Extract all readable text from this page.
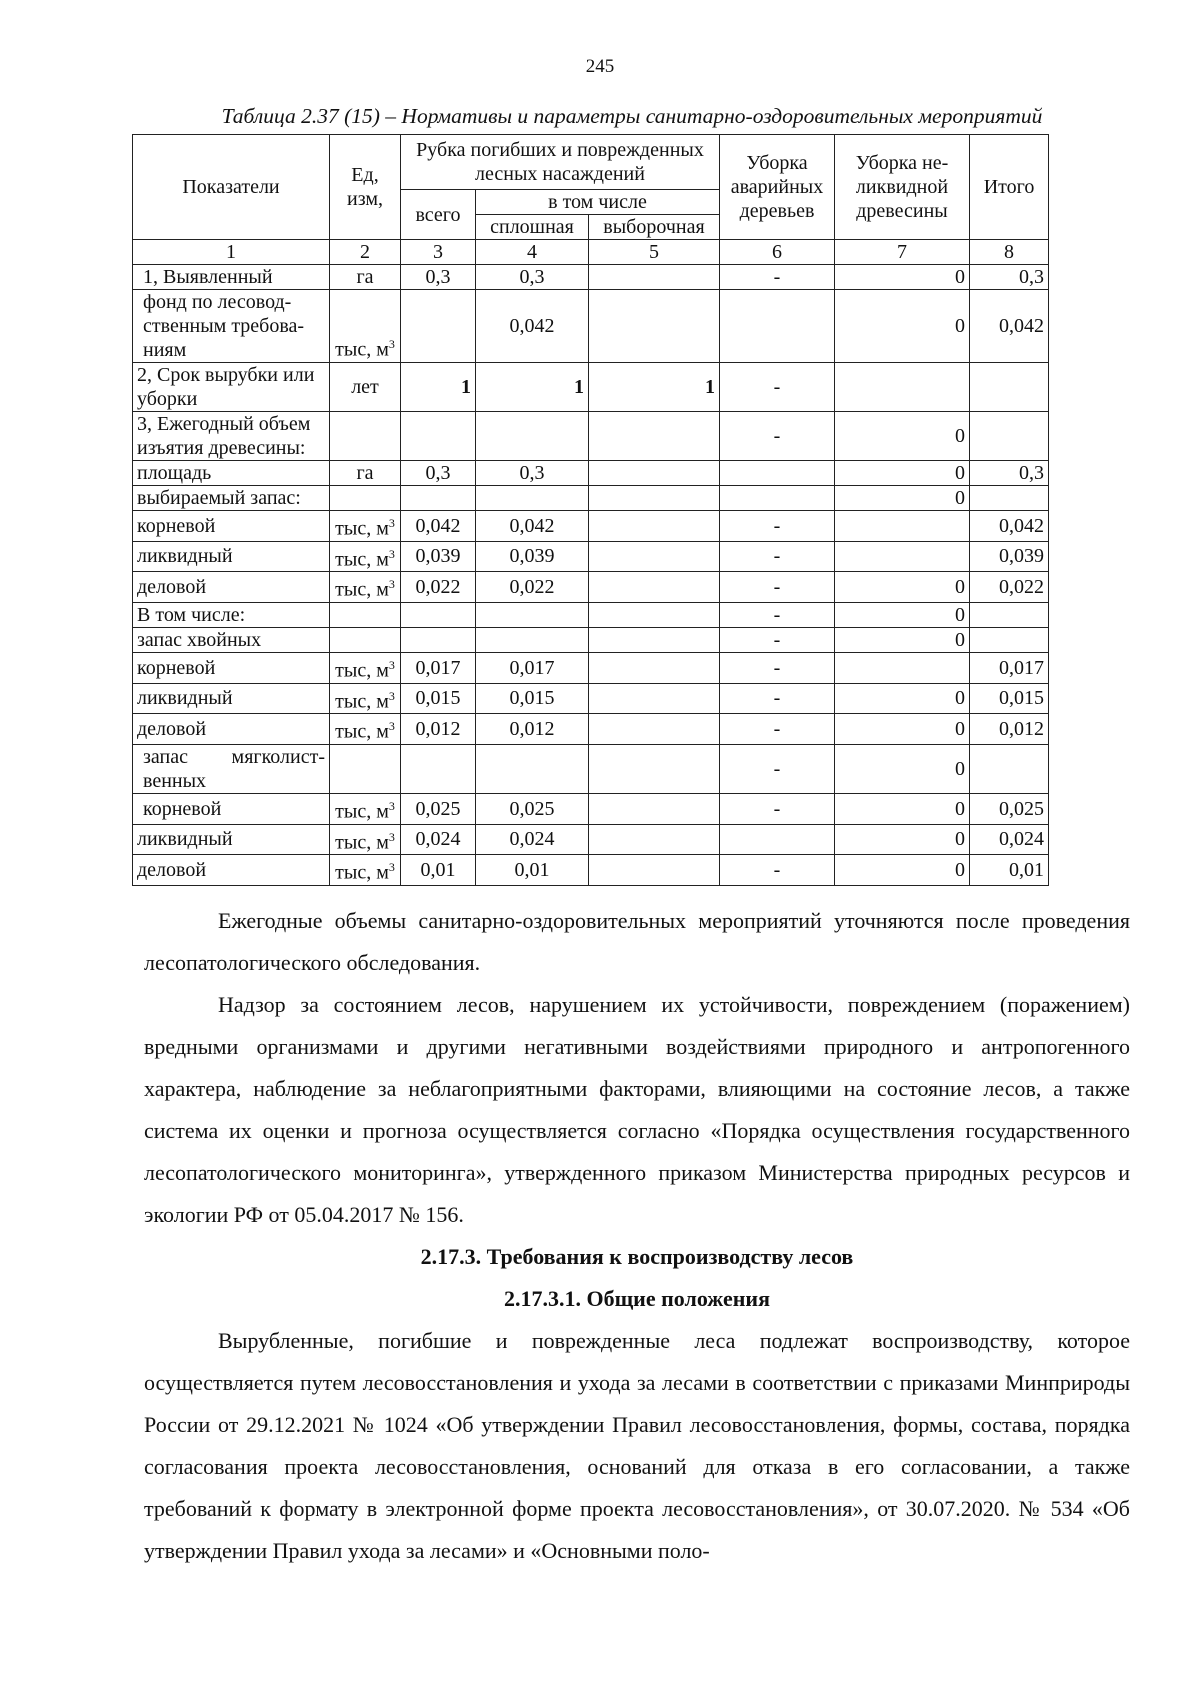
245
Таблица 2.37 (15) – Нормативы и параметры санитарно-оздоровительных мероприятий
Показатели	Ед, изм,	Рубка погибших и поврежденных лесных насаждений			Уборка аварийных деревьев	Уборка не-ликвидной древесины	Итого
		всего	в том числе				
			сплошная	выборочная			
1	2	3	4	5	6	7	8
1, Выявленный	га	0,3	0,3		-	0	0,3
фонд по лесовод-ственным требова-ниям	тыс, $м^3$		0,042			0	0,042
2, Срок вырубки или уборки	лет	1	1	1	-		
3, Ежегодный объем изъятия древесины:					-	0	
площадь	га	0,3	0,3			0	0,3
выбираемый запас:						0	
корневой	тыс, $м^3$	0,042	0,042		-		0,042
ликвидный	тыс, $м^3$	0,039	0,039		-		0,039
деловой	тыс, $м^3$	0,022	0,022		-	0	0,022
В том числе:					-	0	
запас хвойных					-	0	
корневой	тыс, $м^3$	0,017	0,017		-		0,017
ликвидный	тыс, $м^3$	0,015	0,015		-	0	0,015
деловой	тыс, $м^3$	0,012	0,012		-	0	0,012
запас мягколист-венных					-	0	
корневой	тыс, $м^3$	0,025	0,025		-	0	0,025
ликвидный	тыс, $м^3$	0,024	0,024			0	0,024
деловой	тыс, $м^3$	0,01	0,01		-	0	0,01

Ежегодные объемы санитарно-оздоровительных мероприятий уточняются после проведения лесопатологического обследования.

Надзор за состоянием лесов, нарушением их устойчивости, повреждением (поражением) вредными организмами и другими негативными воздействиями природного и антропогенного характера, наблюдение за неблагоприятными факторами, влияющими на состояние лесов, а также система их оценки и прогноза осуществляется согласно «Порядка осуществления государственного лесопатологического мониторинга», утвержденного приказом Министерства природных ресурсов и экологии РФ от 05.04.2017 № 156.

2.17.3. Требования к воспроизводству лесов

2.17.3.1. Общие положения

Вырубленные, погибшие и поврежденные леса подлежат воспроизводству, которое осуществляется путем лесовосстановления и ухода за лесами в соответствии с приказами Минприроды России от 29.12.2021 № 1024 «Об утверждении Правил лесовосстановления, формы, состава, порядка согласования проекта лесовосстановления, оснований для отказа в его согласовании, а также требований к формату в электронной форме проекта лесовосстановления», от 30.07.2020. № 534 «Об утверждении Правил ухода за лесами» и «Основными поло-
